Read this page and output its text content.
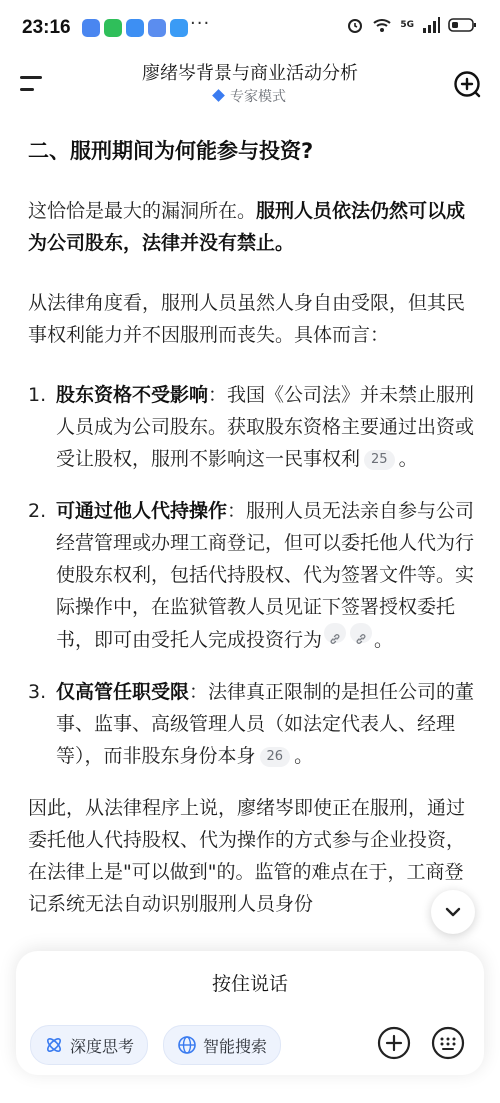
23:16	···	5G
廖绪岑背景与商业活动分析
专家模式
二、服刑期间为何能参与投资?

这恰恰是最大的漏洞所在。服刑人员依法仍然可以成为公司股东，法律并没有禁止。

从法律角度看，服刑人员虽然人身自由受限，但其民事权利能力并不因服刑而丧失。具体而言：

1. 股东资格不受影响：我国《公司法》并未禁止服刑人员成为公司股东。获取股东资格主要通过出资或受让股权，服刑不影响这一民事权利 25 。
2. 可通过他人代持操作：服刑人员无法亲自参与公司经营管理或办理工商登记，但可以委托他人代为行使股东权利，包括代持股权、代为签署文件等。实际操作中，在监狱管教人员见证下签署授权委托书，即可由受托人完成投资行为	。
3. 仅高管任职受限：法律真正限制的是担任公司的董事、监事、高级管理人员（如法定代表人、经理等），而非股东身份本身 26 。

因此，从法律程序上说，廖绪岑即使正在服刑，通过委托他人代持股权、代为操作的方式参与企业投资，在法律上是"可以做到"的。监管的难点在于，工商登记系统无法自动识别服刑人员身份

按住说话
深度思考	智能搜索
